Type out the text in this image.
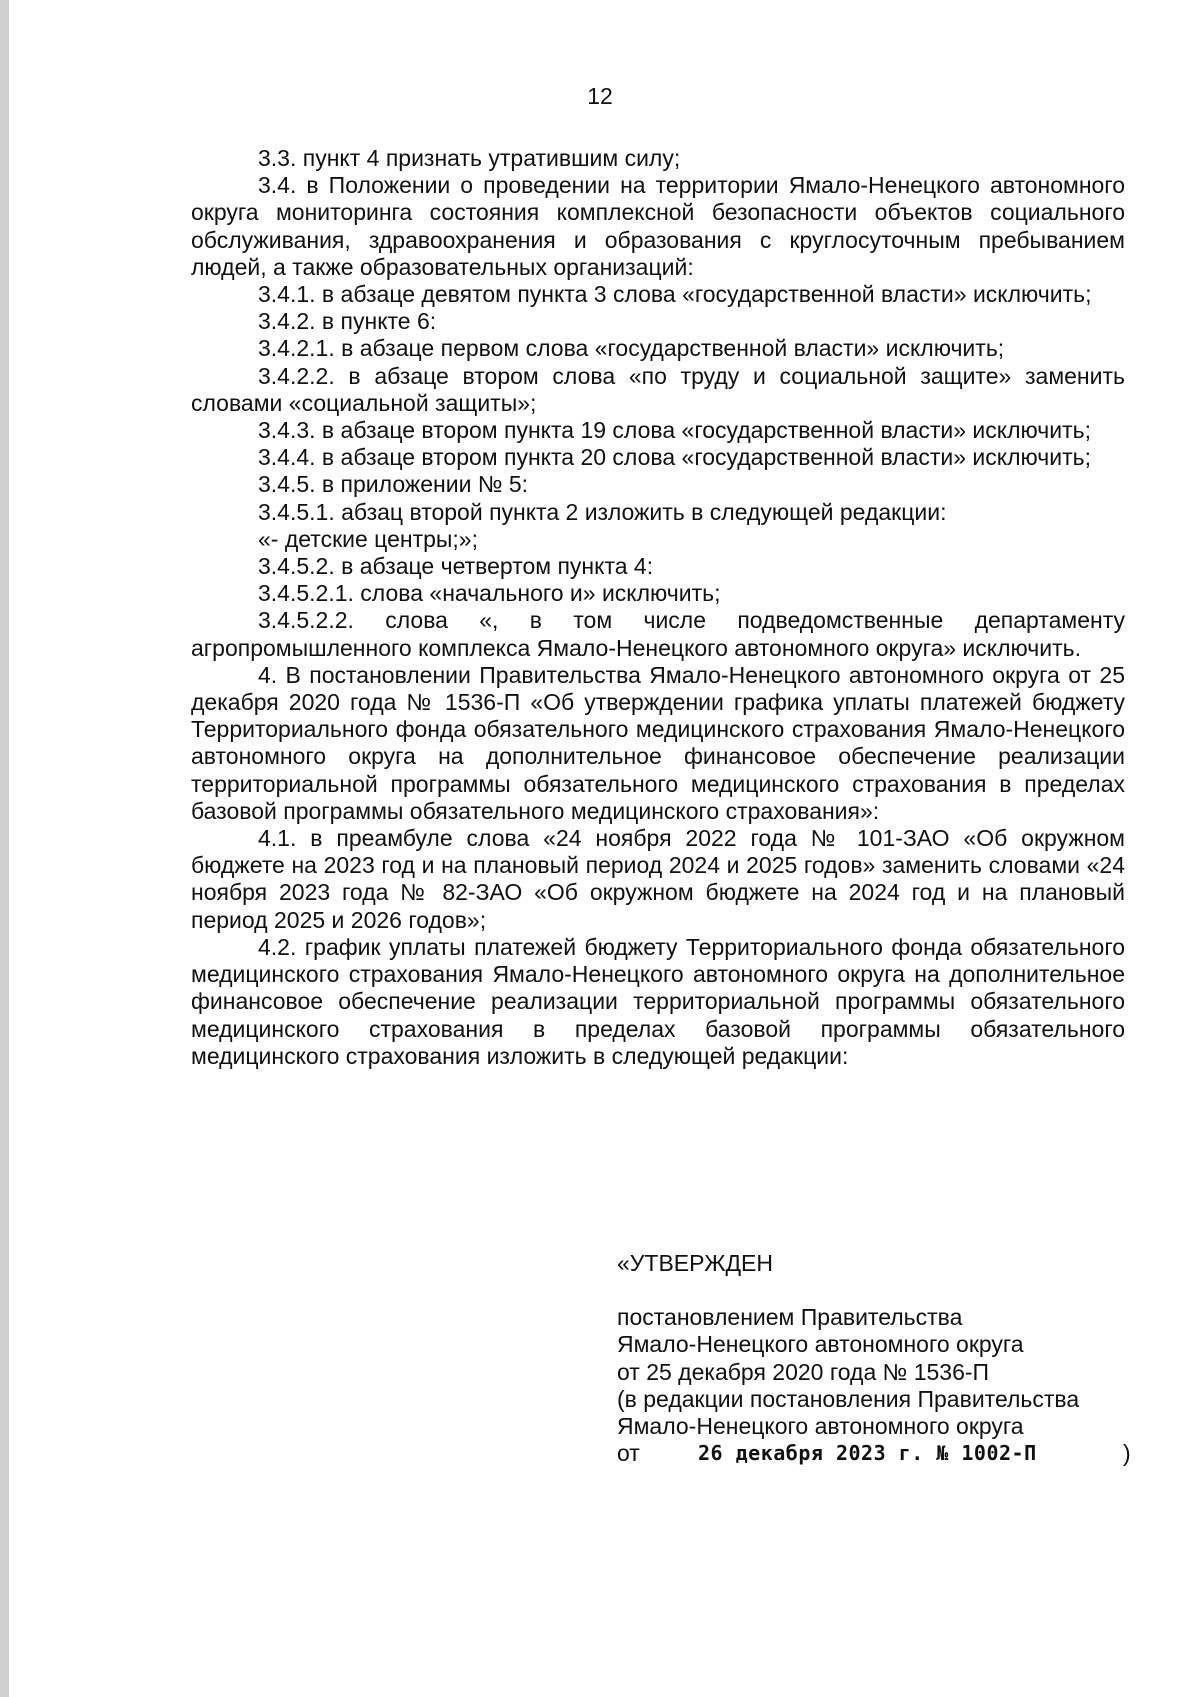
12

3.3. пункт 4 признать утратившим силу;

3.4. в Положении о проведении на территории Ямало-Ненецкого автономного округа мониторинга состояния комплексной безопасности объектов социального обслуживания, здравоохранения и образования с круглосуточным пребыванием людей, а также образовательных организаций:

3.4.1. в абзаце девятом пункта 3 слова «государственной власти» исключить;

3.4.2. в пункте 6:

3.4.2.1. в абзаце первом слова «государственной власти» исключить;

3.4.2.2. в абзаце втором слова «по труду и социальной защите» заменить словами «социальной защиты»;

3.4.3. в абзаце втором пункта 19 слова «государственной власти» исключить;

3.4.4. в абзаце втором пункта 20 слова «государственной власти» исключить;

3.4.5. в приложении № 5:

3.4.5.1. абзац второй пункта 2 изложить в следующей редакции:

«- детские центры;»;

3.4.5.2. в абзаце четвертом пункта 4:

3.4.5.2.1. слова «начального и» исключить;

3.4.5.2.2. слова «, в том числе подведомственные департаменту агропромышленного комплекса Ямало-Ненецкого автономного округа» исключить.

4. В постановлении Правительства Ямало-Ненецкого автономного округа от 25 декабря 2020 года № 1536-П «Об утверждении графика уплаты платежей бюджету Территориального фонда обязательного медицинского страхования Ямало-Ненецкого автономного округа на дополнительное финансовое обеспечение реализации территориальной программы обязательного медицинского страхования в пределах базовой программы обязательного медицинского страхования»:

4.1. в преамбуле слова «24 ноября 2022 года № 101-ЗАО «Об окружном бюджете на 2023 год и на плановый период 2024 и 2025 годов» заменить словами «24 ноября 2023 года № 82-ЗАО «Об окружном бюджете на 2024 год и на плановый период 2025 и 2026 годов»;

4.2. график уплаты платежей бюджету Территориального фонда обязательного медицинского страхования Ямало-Ненецкого автономного округа на дополнительное финансовое обеспечение реализации территориальной программы обязательного медицинского страхования в пределах базовой программы обязательного медицинского страхования изложить в следующей редакции:

«УТВЕРЖДЕН

постановлением Правительства

Ямало-Ненецкого автономного округа

от 25 декабря 2020 года № 1536-П

(в редакции постановления Правительства

Ямало-Ненецкого автономного округа

от	26 декабря 2023 г. № 1002-П	)
